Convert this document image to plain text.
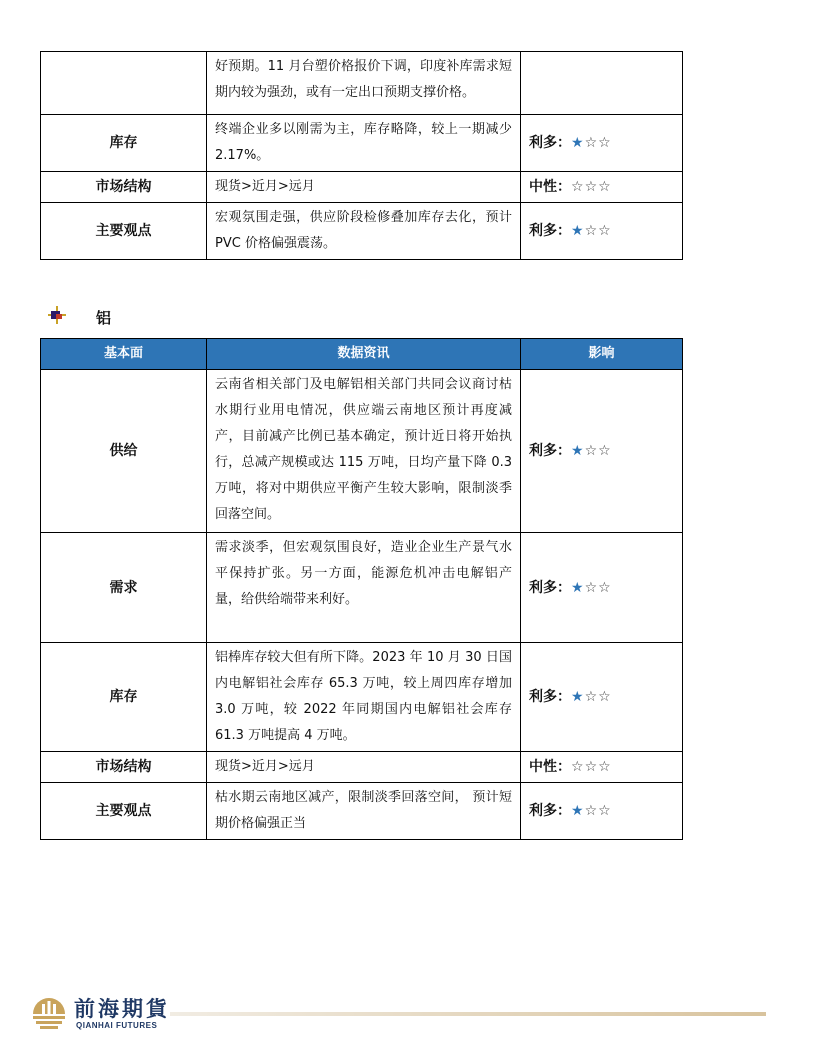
	好预期。11 月台塑价格报价下调，印度补库需求短期内较为强劲，或有一定出口预期支撑价格。	
库存	终端企业多以刚需为主，库存略降，较上一期减少 2.17%。	利多：★☆☆
市场结构	现货>近月>远月	中性：☆☆☆
主要观点	宏观氛围走强，供应阶段检修叠加库存去化，预计 PVC 价格偏强震荡。	利多：★☆☆
铝
基本面	数据资讯	影响
供给	云南省相关部门及电解铝相关部门共同会议商讨枯水期行业用电情况，供应端云南地区预计再度减产，目前减产比例已基本确定，预计近日将开始执行，总减产规模或达 115 万吨，日均产量下降 0.3 万吨，将对中期供应平衡产生较大影响，限制淡季回落空间。	利多：★☆☆
需求	需求淡季，但宏观氛围良好，造业企业生产景气水平保持扩张。另一方面，能源危机冲击电解铝产量，给供给端带来利好。	利多：★☆☆
库存	铝棒库存较大但有所下降。2023 年 10 月 30 日国内电解铝社会库存 65.3 万吨，较上周四库存增加 3.0 万吨，较 2022 年同期国内电解铝社会库存 61.3 万吨提高 4 万吨。	利多：★☆☆
市场结构	现货>近月>远月	中性：☆☆☆
主要观点	枯水期云南地区减产，限制淡季回落空间， 预计短期价格偏强正当	利多：★☆☆
前海期貨
QIANHAI FUTURES
